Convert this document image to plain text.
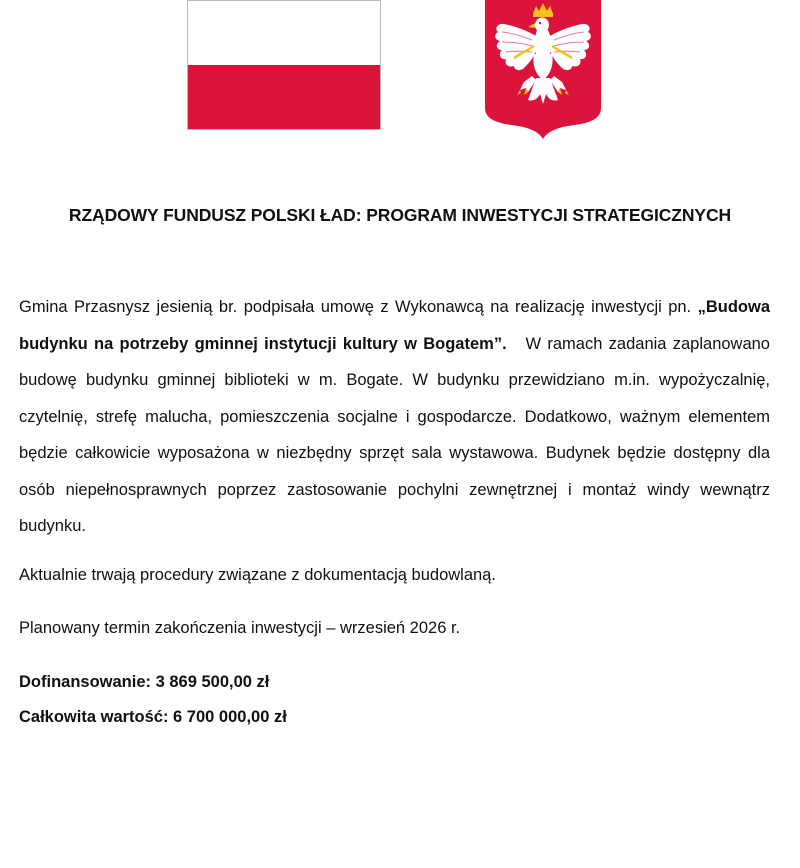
RZĄDOWY FUNDUSZ POLSKI ŁAD: PROGRAM INWESTYCJI STRATEGICZNYCH
Gmina Przasnysz jesienią br. podpisała umowę z Wykonawcą na realizację inwestycji pn. „Budowa budynku na potrzeby gminnej instytucji kultury w Bogatem”. W ramach zadania zaplanowano budowę budynku gminnej biblioteki w m. Bogate. W budynku przewidziano m.in. wypożyczalnię, czytelnię, strefę malucha, pomieszczenia socjalne i gospodarcze. Dodatkowo, ważnym elementem będzie całkowicie wyposażona w niezbędny sprzęt sala wystawowa. Budynek będzie dostępny dla osób niepełnosprawnych poprzez zastosowanie pochylni zewnętrznej i montaż windy wewnątrz budynku.
Aktualnie trwają procedury związane z dokumentacją budowlaną.
Planowany termin zakończenia inwestycji – wrzesień 2026 r.
Dofinansowanie: 3 869 500,00 zł
Całkowita wartość: 6 700 000,00 zł
